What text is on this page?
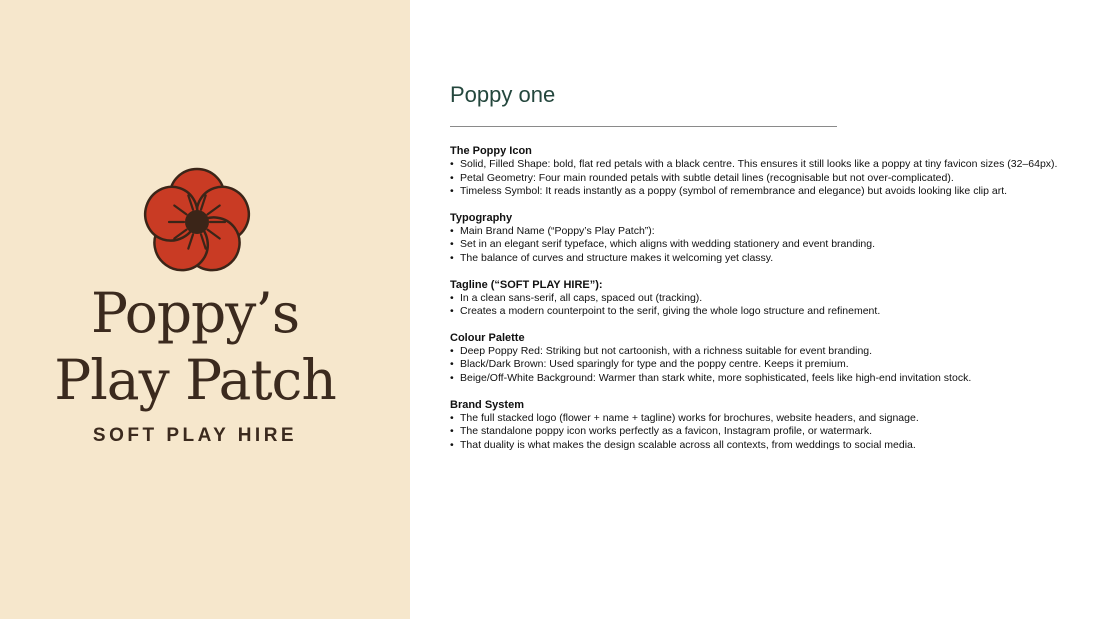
Poppy’s
Play Patch
SOFT PLAY HIRE
Poppy one
The Poppy Icon
• Solid, Filled Shape: bold, flat red petals with a black centre. This ensures it still looks like a poppy at tiny favicon sizes (32–64px).
• Petal Geometry: Four main rounded petals with subtle detail lines (recognisable but not over-complicated).
• Timeless Symbol: It reads instantly as a poppy (symbol of remembrance and elegance) but avoids looking like clip art.
Typography
• Main Brand Name (“Poppy’s Play Patch”):
• Set in an elegant serif typeface, which aligns with wedding stationery and event branding.
• The balance of curves and structure makes it welcoming yet classy.
Tagline (“SOFT PLAY HIRE”):
• In a clean sans-serif, all caps, spaced out (tracking).
• Creates a modern counterpoint to the serif, giving the whole logo structure and refinement.
Colour Palette
• Deep Poppy Red: Striking but not cartoonish, with a richness suitable for event branding.
• Black/Dark Brown: Used sparingly for type and the poppy centre. Keeps it premium.
• Beige/Off-White Background: Warmer than stark white, more sophisticated, feels like high-end invitation stock.
Brand System
• The full stacked logo (flower + name + tagline) works for brochures, website headers, and signage.
• The standalone poppy icon works perfectly as a favicon, Instagram profile, or watermark.
• That duality is what makes the design scalable across all contexts, from weddings to social media.
